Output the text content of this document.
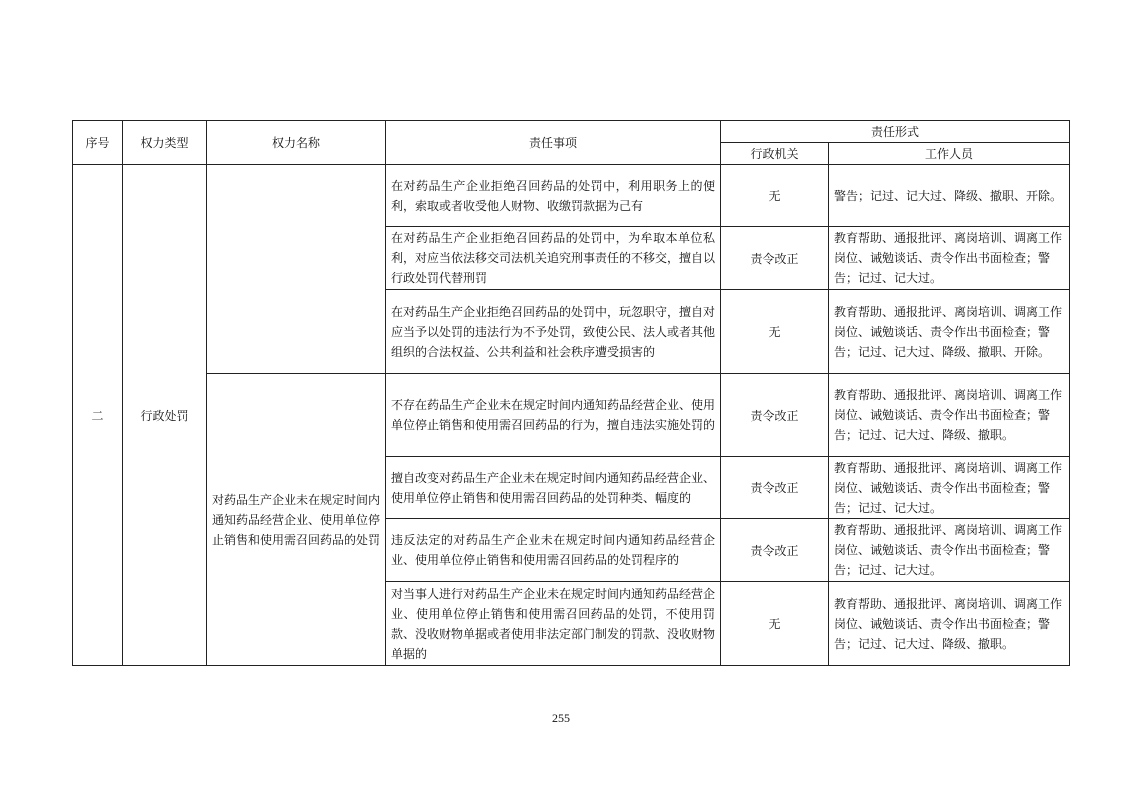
序号	权力类型	权力名称	责任事项	责任形式	
				行政机关	工作人员
二	行政处罚		在对药品生产企业拒绝召回药品的处罚中，利用职务上的便利，索取或者收受他人财物、收缴罚款据为己有	无	警告；记过、记大过、降级、撤职、开除。
			在对药品生产企业拒绝召回药品的处罚中，为牟取本单位私利，对应当依法移交司法机关追究刑事责任的不移交，擅自以行政处罚代替刑罚	责令改正	教育帮助、通报批评、离岗培训、调离工作岗位、诫勉谈话、责令作出书面检查；警告；记过、记大过。
			在对药品生产企业拒绝召回药品的处罚中，玩忽职守，擅自对应当予以处罚的违法行为不予处罚，致使公民、法人或者其他组织的合法权益、公共利益和社会秩序遭受损害的	无	教育帮助、通报批评、离岗培训、调离工作岗位、诫勉谈话、责令作出书面检查；警告；记过、记大过、降级、撤职、开除。
		对药品生产企业未在规定时间内通知药品经营企业、使用单位停止销售和使用需召回药品的处罚	不存在药品生产企业未在规定时间内通知药品经营企业、使用单位停止销售和使用需召回药品的行为，擅自违法实施处罚的	责令改正	教育帮助、通报批评、离岗培训、调离工作岗位、诫勉谈话、责令作出书面检查；警告；记过、记大过、降级、撤职。
			擅自改变对药品生产企业未在规定时间内通知药品经营企业、使用单位停止销售和使用需召回药品的处罚种类、幅度的	责令改正	教育帮助、通报批评、离岗培训、调离工作岗位、诫勉谈话、责令作出书面检查；警告；记过、记大过。
			违反法定的对药品生产企业未在规定时间内通知药品经营企业、使用单位停止销售和使用需召回药品的处罚程序的	责令改正	教育帮助、通报批评、离岗培训、调离工作岗位、诫勉谈话、责令作出书面检查；警告；记过、记大过。
			对当事人进行对药品生产企业未在规定时间内通知药品经营企业、使用单位停止销售和使用需召回药品的处罚，不使用罚款、没收财物单据或者使用非法定部门制发的罚款、没收财物单据的	无	教育帮助、通报批评、离岗培训、调离工作岗位、诫勉谈话、责令作出书面检查；警告；记过、记大过、降级、撤职。
255
